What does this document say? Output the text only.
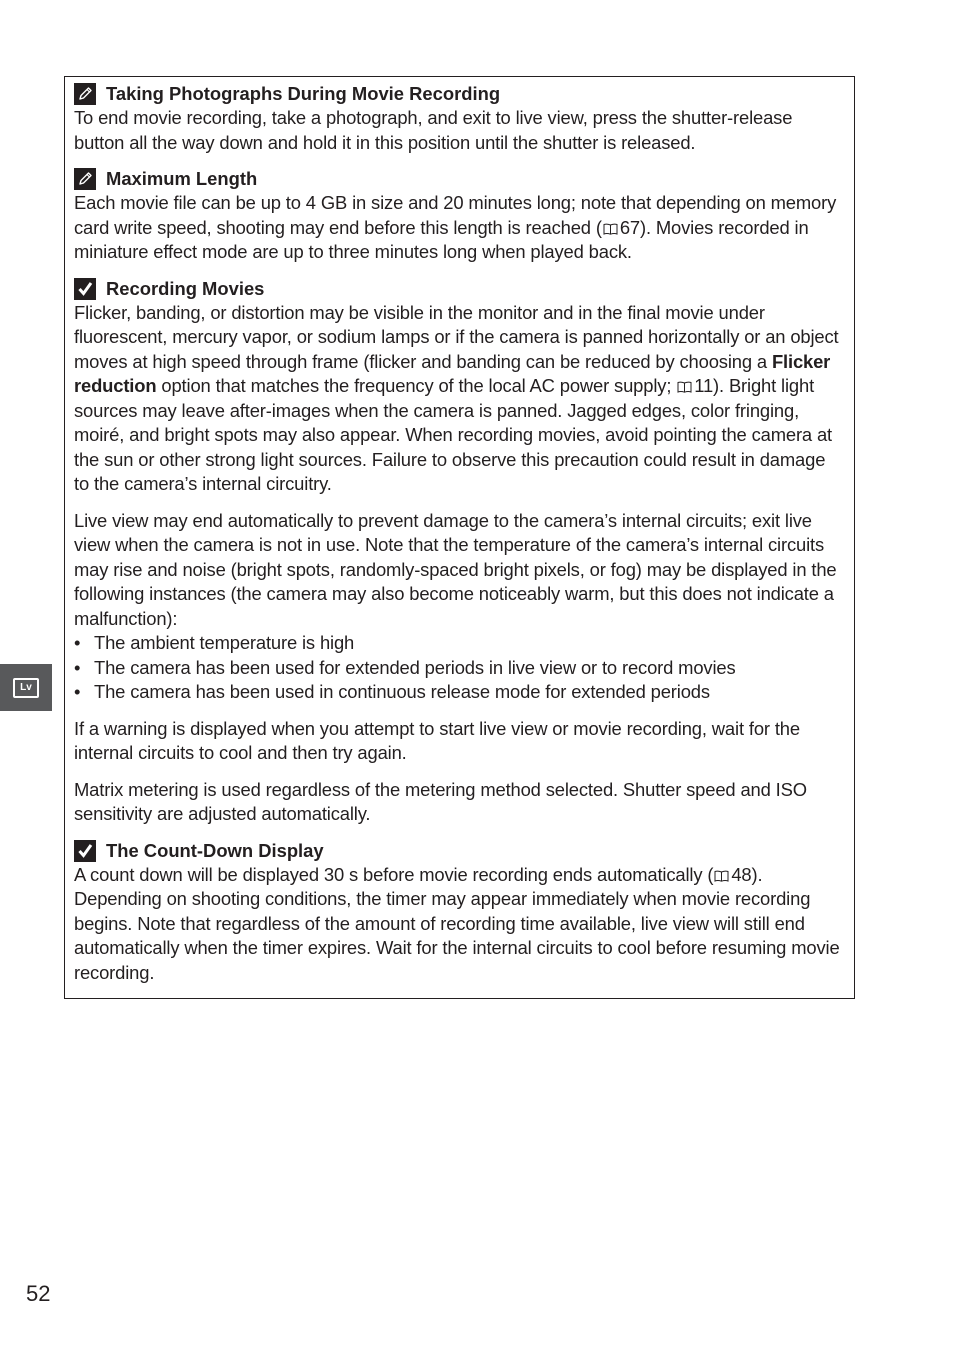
Taking Photographs During Movie Recording

To end movie recording, take a photograph, and exit to live view, press the shutter-release button all the way down and hold it in this position until the shutter is released.

Maximum Length

Each movie file can be up to 4 GB in size and 20 minutes long; note that depending on memory card write speed, shooting may end before this length is reached ( 67). Movies recorded in miniature effect mode are up to three minutes long when played back.

Recording Movies

Flicker, banding, or distortion may be visible in the monitor and in the final movie under fluorescent, mercury vapor, or sodium lamps or if the camera is panned horizontally or an object moves at high speed through frame (flicker and banding can be reduced by choosing a Flicker reduction option that matches the frequency of the local AC power supply; 11). Bright light sources may leave after-images when the camera is panned. Jagged edges, color fringing, moiré, and bright spots may also appear. When recording movies, avoid pointing the camera at the sun or other strong light sources. Failure to observe this precaution could result in damage to the camera’s internal circuitry.

Live view may end automatically to prevent damage to the camera’s internal circuits; exit live view when the camera is not in use. Note that the temperature of the camera’s internal circuits may rise and noise (bright spots, randomly-spaced bright pixels, or fog) may be displayed in the following instances (the camera may also become noticeably warm, but this does not indicate a malfunction):

• The ambient temperature is high
• The camera has been used for extended periods in live view or to record movies
• The camera has been used in continuous release mode for extended periods

If a warning is displayed when you attempt to start live view or movie recording, wait for the internal circuits to cool and then try again.

Matrix metering is used regardless of the metering method selected. Shutter speed and ISO sensitivity are adjusted automatically.

The Count-Down Display

A count down will be displayed 30 s before movie recording ends automatically ( 48). Depending on shooting conditions, the timer may appear immediately when movie recording begins. Note that regardless of the amount of recording time available, live view will still end automatically when the timer expires. Wait for the internal circuits to cool before resuming movie recording.

Lv
52
